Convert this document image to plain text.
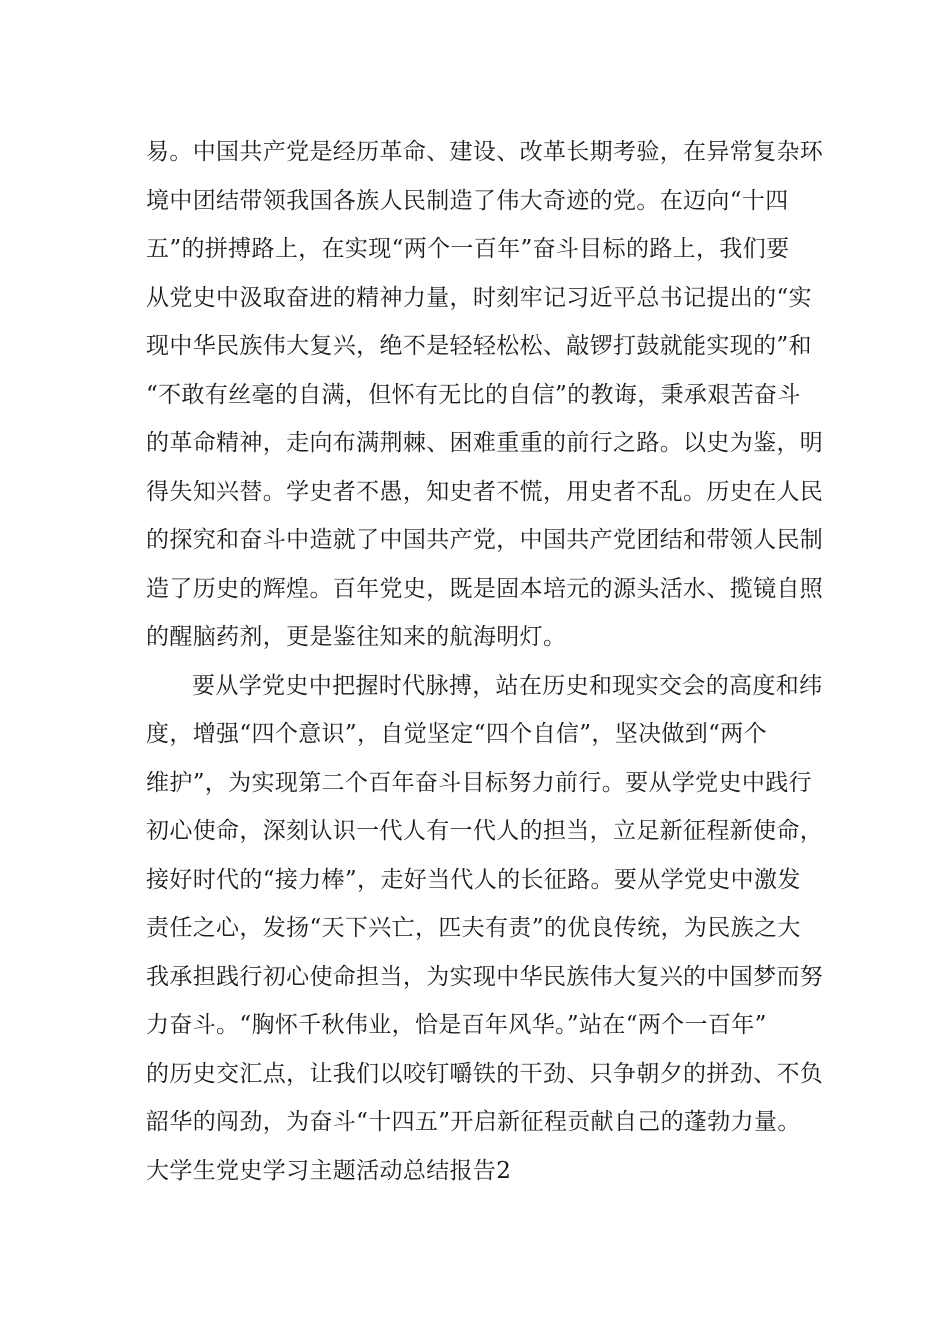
易。中国共产党是经历革命、建设、改革长期考验，在异常复杂环
境中团结带领我国各族人民制造了伟大奇迹的党。在迈向“十四
五”的拼搏路上，在实现“两个一百年”奋斗目标的路上，我们要
从党史中汲取奋进的精神力量，时刻牢记习近平总书记提出的“实
现中华民族伟大复兴，绝不是轻轻松松、敲锣打鼓就能实现的”和
“不敢有丝毫的自满，但怀有无比的自信”的教诲，秉承艰苦奋斗
的革命精神，走向布满荆棘、困难重重的前行之路。以史为鉴，明
得失知兴替。学史者不愚，知史者不慌，用史者不乱。历史在人民
的探究和奋斗中造就了中国共产党，中国共产党团结和带领人民制
造了历史的辉煌。百年党史，既是固本培元的源头活水、揽镜自照
的醒脑药剂，更是鉴往知来的航海明灯。
要从学党史中把握时代脉搏，站在历史和现实交会的高度和纬
度，增强“四个意识”，自觉坚定“四个自信”，坚决做到“两个
维护”，为实现第二个百年奋斗目标努力前行。要从学党史中践行
初心使命，深刻认识一代人有一代人的担当，立足新征程新使命，
接好时代的“接力棒”，走好当代人的长征路。要从学党史中激发
责任之心，发扬“天下兴亡，匹夫有责”的优良传统，为民族之大
我承担践行初心使命担当，为实现中华民族伟大复兴的中国梦而努
力奋斗。“胸怀千秋伟业，恰是百年风华。”站在“两个一百年”
的历史交汇点，让我们以咬钉嚼铁的干劲、只争朝夕的拼劲、不负
韶华的闯劲，为奋斗“十四五”开启新征程贡献自己的蓬勃力量。
大学生党史学习主题活动总结报告2
